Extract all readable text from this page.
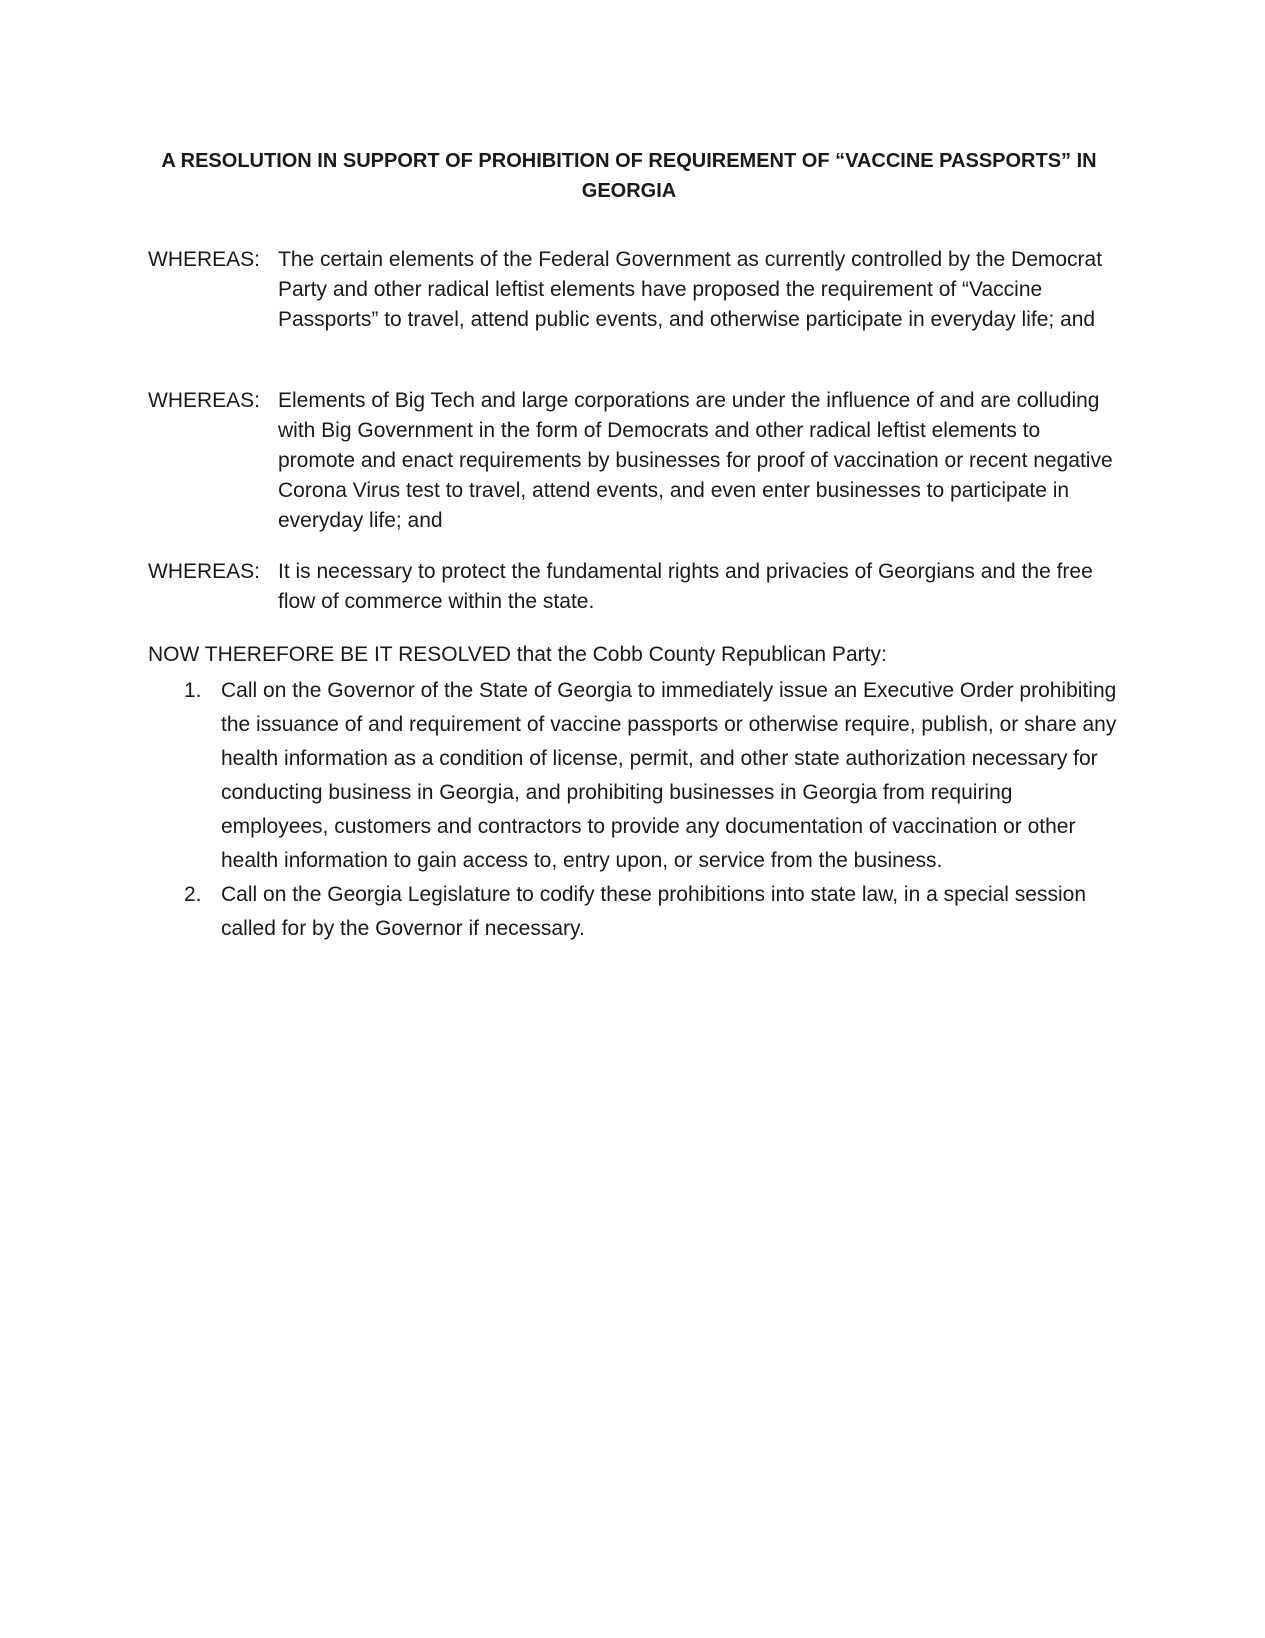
A RESOLUTION IN SUPPORT OF PROHIBITION OF REQUIREMENT OF “VACCINE PASSPORTS” IN GEORGIA
WHEREAS: The certain elements of the Federal Government as currently controlled by the Democrat Party and other radical leftist elements have proposed the requirement of “Vaccine Passports” to travel, attend public events, and otherwise participate in everyday life; and
WHEREAS: Elements of Big Tech and large corporations are under the influence of and are colluding with Big Government in the form of Democrats and other radical leftist elements to promote and enact requirements by businesses for proof of vaccination or recent negative Corona Virus test to travel, attend events, and even enter businesses to participate in everyday life; and
WHEREAS: It is necessary to protect the fundamental rights and privacies of Georgians and the free flow of commerce within the state.
NOW THEREFORE BE IT RESOLVED that the Cobb County Republican Party:
1. Call on the Governor of the State of Georgia to immediately issue an Executive Order prohibiting the issuance of and requirement of vaccine passports or otherwise require, publish, or share any health information as a condition of license, permit, and other state authorization necessary for conducting business in Georgia, and prohibiting businesses in Georgia from requiring employees, customers and contractors to provide any documentation of vaccination or other health information to gain access to, entry upon, or service from the business.
2. Call on the Georgia Legislature to codify these prohibitions into state law, in a special session called for by the Governor if necessary.
